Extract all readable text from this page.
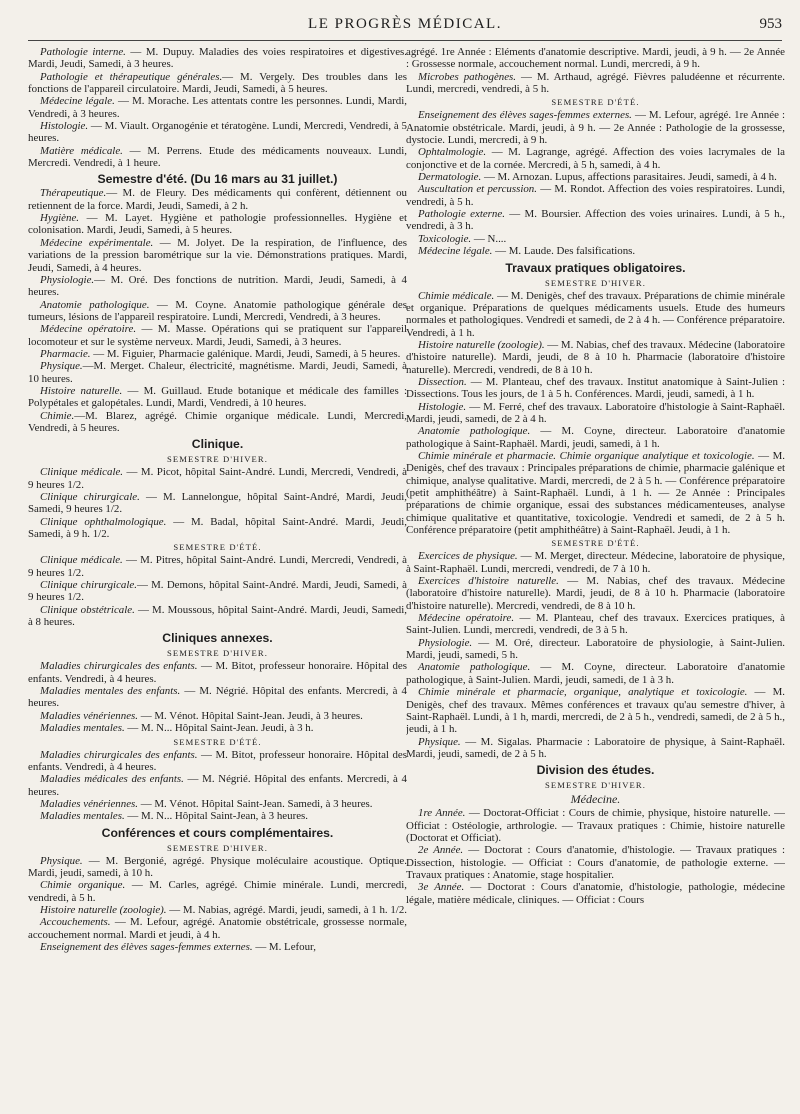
LE PROGRÈS MÉDICAL.	953

Pathologie interne. — M. Dupuy. Maladies des voies respiratoires et digestives. Mardi, Jeudi, Samedi, à 3 heures.

Pathologie et thérapeutique générales.— M. Vergely. Des troubles dans les fonctions de l'appareil circulatoire. Mardi, Jeudi, Samedi, à 5 heures.

Médecine légale. — M. Morache. Les attentats contre les personnes. Lundi, Mardi, Vendredi, à 3 heures.

Histologie. — M. Viault. Organogénie et tératogène. Lundi, Mercredi, Vendredi, à 5 heures.

Matière médicale. — M. Perrens. Etude des médicaments nouveaux. Lundi, Mercredi. Vendredi, à 1 heure.

Semestre d'été. (Du 16 mars au 31 juillet.)

Thérapeutique.— M. de Fleury. Des médicaments qui confèrent, détiennent ou retiennent de la force. Mardi, Jeudi, Samedi, à 2 h.

Hygiène. — M. Layet. Hygiène et pathologie professionnelles. Hygiène et colonisation. Mardi, Jeudi, Samedi, à 5 heures.

Médecine expérimentale. — M. Jolyet. De la respiration, de l'influence, des variations de la pression barométrique sur la vie. Démonstrations pratiques. Mardi, Jeudi, Samedi, à 4 heures.

Physiologie.— M. Oré. Des fonctions de nutrition. Mardi, Jeudi, Samedi, à 4 heures.

Anatomie pathologique. — M. Coyne. Anatomie pathologique générale des tumeurs, lésions de l'appareil respiratoire. Lundi, Mercredi, Vendredi, à 3 heures.

Médecine opératoire. — M. Masse. Opérations qui se pratiquent sur l'appareil locomoteur et sur le système nerveux. Mardi, Jeudi, Samedi, à 3 heures.

Pharmacie. — M. Figuier, Pharmacie galénique. Mardi, Jeudi, Samedi, à 5 heures.

Physique.—M. Merget. Chaleur, électricité, magnétisme. Mardi, Jeudi, Samedi, à 10 heures.

Histoire naturelle. — M. Guillaud. Etude botanique et médicale des familles : Polypétales et galopétales. Lundi, Mardi, Vendredi, à 10 heures.

Chimie.—M. Blarez, agrégé. Chimie organique médicale. Lundi, Mercredi, Vendredi, à 5 heures.

Clinique.

SEMESTRE D'HIVER.

Clinique médicale. — M. Picot, hôpital Saint-André. Lundi, Mercredi, Vendredi, à 9 heures 1/2.

Clinique chirurgicale. — M. Lannelongue, hôpital Saint-André, Mardi, Jeudi, Samedi, 9 heures 1/2.

Clinique ophthalmologique. — M. Badal, hôpital Saint-André. Mardi, Jeudi, Samedi, à 9 h. 1/2.

SEMESTRE D'ÉTÉ.

Clinique médicale. — M. Pitres, hôpital Saint-André. Lundi, Mercredi, Vendredi, à 9 heures 1/2.

Clinique chirurgicale.— M. Demons, hôpital Saint-André. Mardi, Jeudi, Samedi, à 9 heures 1/2.

Clinique obstétricale. — M. Moussous, hôpital Saint-André. Mardi, Jeudi, Samedi, à 8 heures.

Cliniques annexes.

SEMESTRE D'HIVER.

Maladies chirurgicales des enfants. — M. Bitot, professeur honoraire. Hôpital des enfants. Vendredi, à 4 heures.

Maladies mentales des enfants. — M. Négrié. Hôpital des enfants. Mercredi, à 4 heures.

Maladies vénériennes. — M. Vénot. Hôpital Saint-Jean. Jeudi, à 3 heures.

Maladies mentales. — M. N... Hôpital Saint-Jean. Jeudi, à 3 h.

SEMESTRE D'ÉTÉ.

Maladies chirurgicales des enfants. — M. Bitot, professeur honoraire. Hôpital des enfants. Vendredi, à 4 heures.

Maladies médicales des enfants. — M. Négrié. Hôpital des enfants. Mercredi, à 4 heures.

Maladies vénériennes. — M. Vénot. Hôpital Saint-Jean. Samedi, à 3 heures.

Maladies mentales. — M. N... Hôpital Saint-Jean, à 3 heures.

Conférences et cours complémentaires.

SEMESTRE D'HIVER.

Physique. — M. Bergonié, agrégé. Physique moléculaire acoustique. Optique. Mardi, jeudi, samedi, à 10 h.

Chimie organique. — M. Carles, agrégé. Chimie minérale. Lundi, mercredi, vendredi, à 5 h.

Histoire naturelle (zoologie). — M. Nabias, agrégé. Mardi, jeudi, samedi, à 1 h. 1/2.

Accouchements. — M. Lefour, agrégé. Anatomie obstétricale, grossesse normale, accouchement normal. Mardi et jeudi, à 4 h.

Enseignement des élèves sages-femmes externes. — M. Lefour,

agrégé. 1re Année : Eléments d'anatomie descriptive. Mardi, jeudi, à 9 h. — 2e Année : Grossesse normale, accouchement normal. Lundi, mercredi, à 9 h.

Microbes pathogènes. — M. Arthaud, agrégé. Fièvres paludéenne et récurrente. Lundi, mercredi, vendredi, à 5 h.

SEMESTRE D'ÉTÉ.

Enseignement des élèves sages-femmes externes. — M. Lefour, agrégé. 1re Année : Anatomie obstétricale. Mardi, jeudi, à 9 h. — 2e Année : Pathologie de la grossesse, dystocie. Lundi, mercredi, à 9 h.

Ophtalmologie. — M. Lagrange, agrégé. Affection des voies lacrymales de la conjonctive et de la cornée. Mercredi, à 5 h, samedi, à 4 h.

Dermatologie. — M. Arnozan. Lupus, affections parasitaires. Jeudi, samedi, à 4 h.

Auscultation et percussion. — M. Rondot. Affection des voies respiratoires. Lundi, vendredi, à 5 h.

Pathologie externe. — M. Boursier. Affection des voies urinaires. Lundi, à 5 h., vendredi, à 3 h.

Toxicologie. — N....

Médecine légale. — M. Laude. Des falsifications.

Travaux pratiques obligatoires.

SEMESTRE D'HIVER.

Chimie médicale. — M. Denigès, chef des travaux. Préparations de chimie minérale et organique. Préparations de quelques médicaments usuels. Etude des humeurs normales et pathologiques. Vendredi et samedi, de 2 à 4 h. — Conférence préparatoire. Vendredi, à 1 h.

Histoire naturelle (zoologie). — M. Nabias, chef des travaux. Médecine (laboratoire d'histoire naturelle). Mardi, jeudi, de 8 à 10 h. Pharmacie (laboratoire d'histoire naturelle). Mercredi, vendredi, de 8 à 10 h.

Dissection. — M. Planteau, chef des travaux. Institut anatomique à Saint-Julien : Dissections. Tous les jours, de 1 à 5 h. Conférences. Mardi, jeudi, samedi, à 1 h.

Histologie. — M. Ferré, chef des travaux. Laboratoire d'histologie à Saint-Raphaël. Mardi, jeudi, samedi, de 2 à 4 h.

Anatomie pathologique. — M. Coyne, directeur. Laboratoire d'anatomie pathologique à Saint-Raphaël. Mardi, jeudi, samedi, à 1 h.

Chimie minérale et pharmacie. Chimie organique analytique et toxicologie. — M. Denigès, chef des travaux : Principales préparations de chimie, pharmacie galénique et chimique, analyse qualitative. Mardi, mercredi, de 2 à 5 h. — Conférence préparatoire (petit amphithéâtre) à Saint-Raphaël. Lundi, à 1 h. — 2e Année : Principales préparations de chimie organique, essai des substances médicamenteuses, analyse chimique qualitative et quantitative, toxicologie. Vendredi et samedi, de 2 à 5 h. Conférence préparatoire (petit amphithéâtre) à Saint-Raphaël. Jeudi, à 1 h.

SEMESTRE D'ÉTÉ.

Exercices de physique. — M. Merget, directeur. Médecine, laboratoire de physique, à Saint-Raphaël. Lundi, mercredi, vendredi, de 7 à 10 h.

Exercices d'histoire naturelle. — M. Nabias, chef des travaux. Médecine (laboratoire d'histoire naturelle). Mardi, jeudi, de 8 à 10 h. Pharmacie (laboratoire d'histoire naturelle). Mercredi, vendredi, de 8 à 10 h.

Médecine opératoire. — M. Planteau, chef des travaux. Exercices pratiques, à Saint-Julien. Lundi, mercredi, vendredi, de 3 à 5 h.

Physiologie. — M. Oré, directeur. Laboratoire de physiologie, à Saint-Julien. Mardi, jeudi, samedi, 5 h.

Anatomie pathologique. — M. Coyne, directeur. Laboratoire d'anatomie pathologique, à Saint-Julien. Mardi, jeudi, samedi, de 1 à 3 h.

Chimie minérale et pharmacie, organique, analytique et toxicologie. — M. Denigès, chef des travaux. Mêmes conférences et travaux qu'au semestre d'hiver, à Saint-Raphaël. Lundi, à 1 h, mardi, mercredi, de 2 à 5 h., vendredi, samedi, de 2 à 5 h., jeudi, à 1 h.

Physique. — M. Sigalas. Pharmacie : Laboratoire de physique, à Saint-Raphaël. Mardi, jeudi, samedi, de 2 à 5 h.

Division des études.

SEMESTRE D'HIVER.

Médecine.

1re Année. — Doctorat-Officiat : Cours de chimie, physique, histoire naturelle. — Officiat : Ostéologie, arthrologie. — Travaux pratiques : Chimie, histoire naturelle (Doctorat et Officiat).

2e Année. — Doctorat : Cours d'anatomie, d'histologie. — Travaux pratiques : Dissection, histologie. — Officiat : Cours d'anatomie, de pathologie externe. — Travaux pratiques : Anatomie, stage hospitalier.

3e Année. — Doctorat : Cours d'anatomie, d'histologie, pathologie, médecine légale, matière médicale, cliniques. — Officiat : Cours
